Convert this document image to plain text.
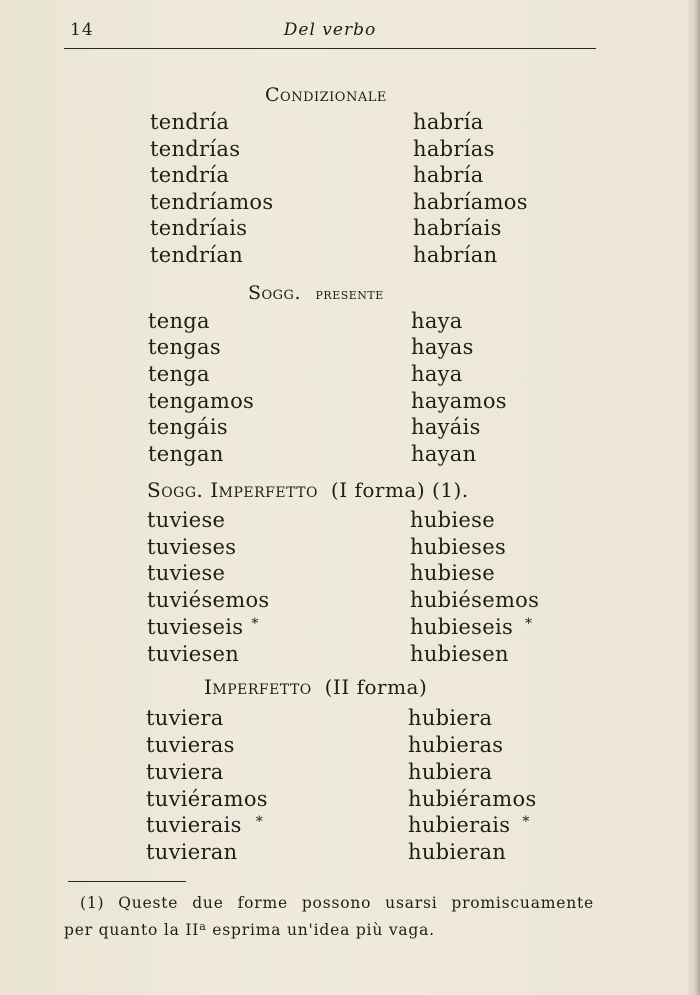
14	Del verbo
Condizionale
tendría	habría
tendrías	habrías
tendría	habría
tendríamos	habríamos
tendríais	habríais
tendrían	habrían
Sogg. presente
tenga	haya
tengas	hayas
tenga	haya
tengamos	hayamos
tengáis	hayáis
tengan	hayan
Sogg. Imperfetto (I forma) (1).
tuviese	hubiese
tuvieses	hubieses
tuviese	hubiese
tuviésemos	hubiésemos
tuvieseis *	hubieseis *
tuviesen	hubiesen
Imperfetto (II forma)
tuviera	hubiera
tuvieras	hubieras
tuviera	hubiera
tuviéramos	hubiéramos
tuvierais *	hubierais *
tuvieran	hubieran
(1) Queste due forme possono usarsi promiscuamente
per quanto la $II^a$ esprima un'idea più vaga.
